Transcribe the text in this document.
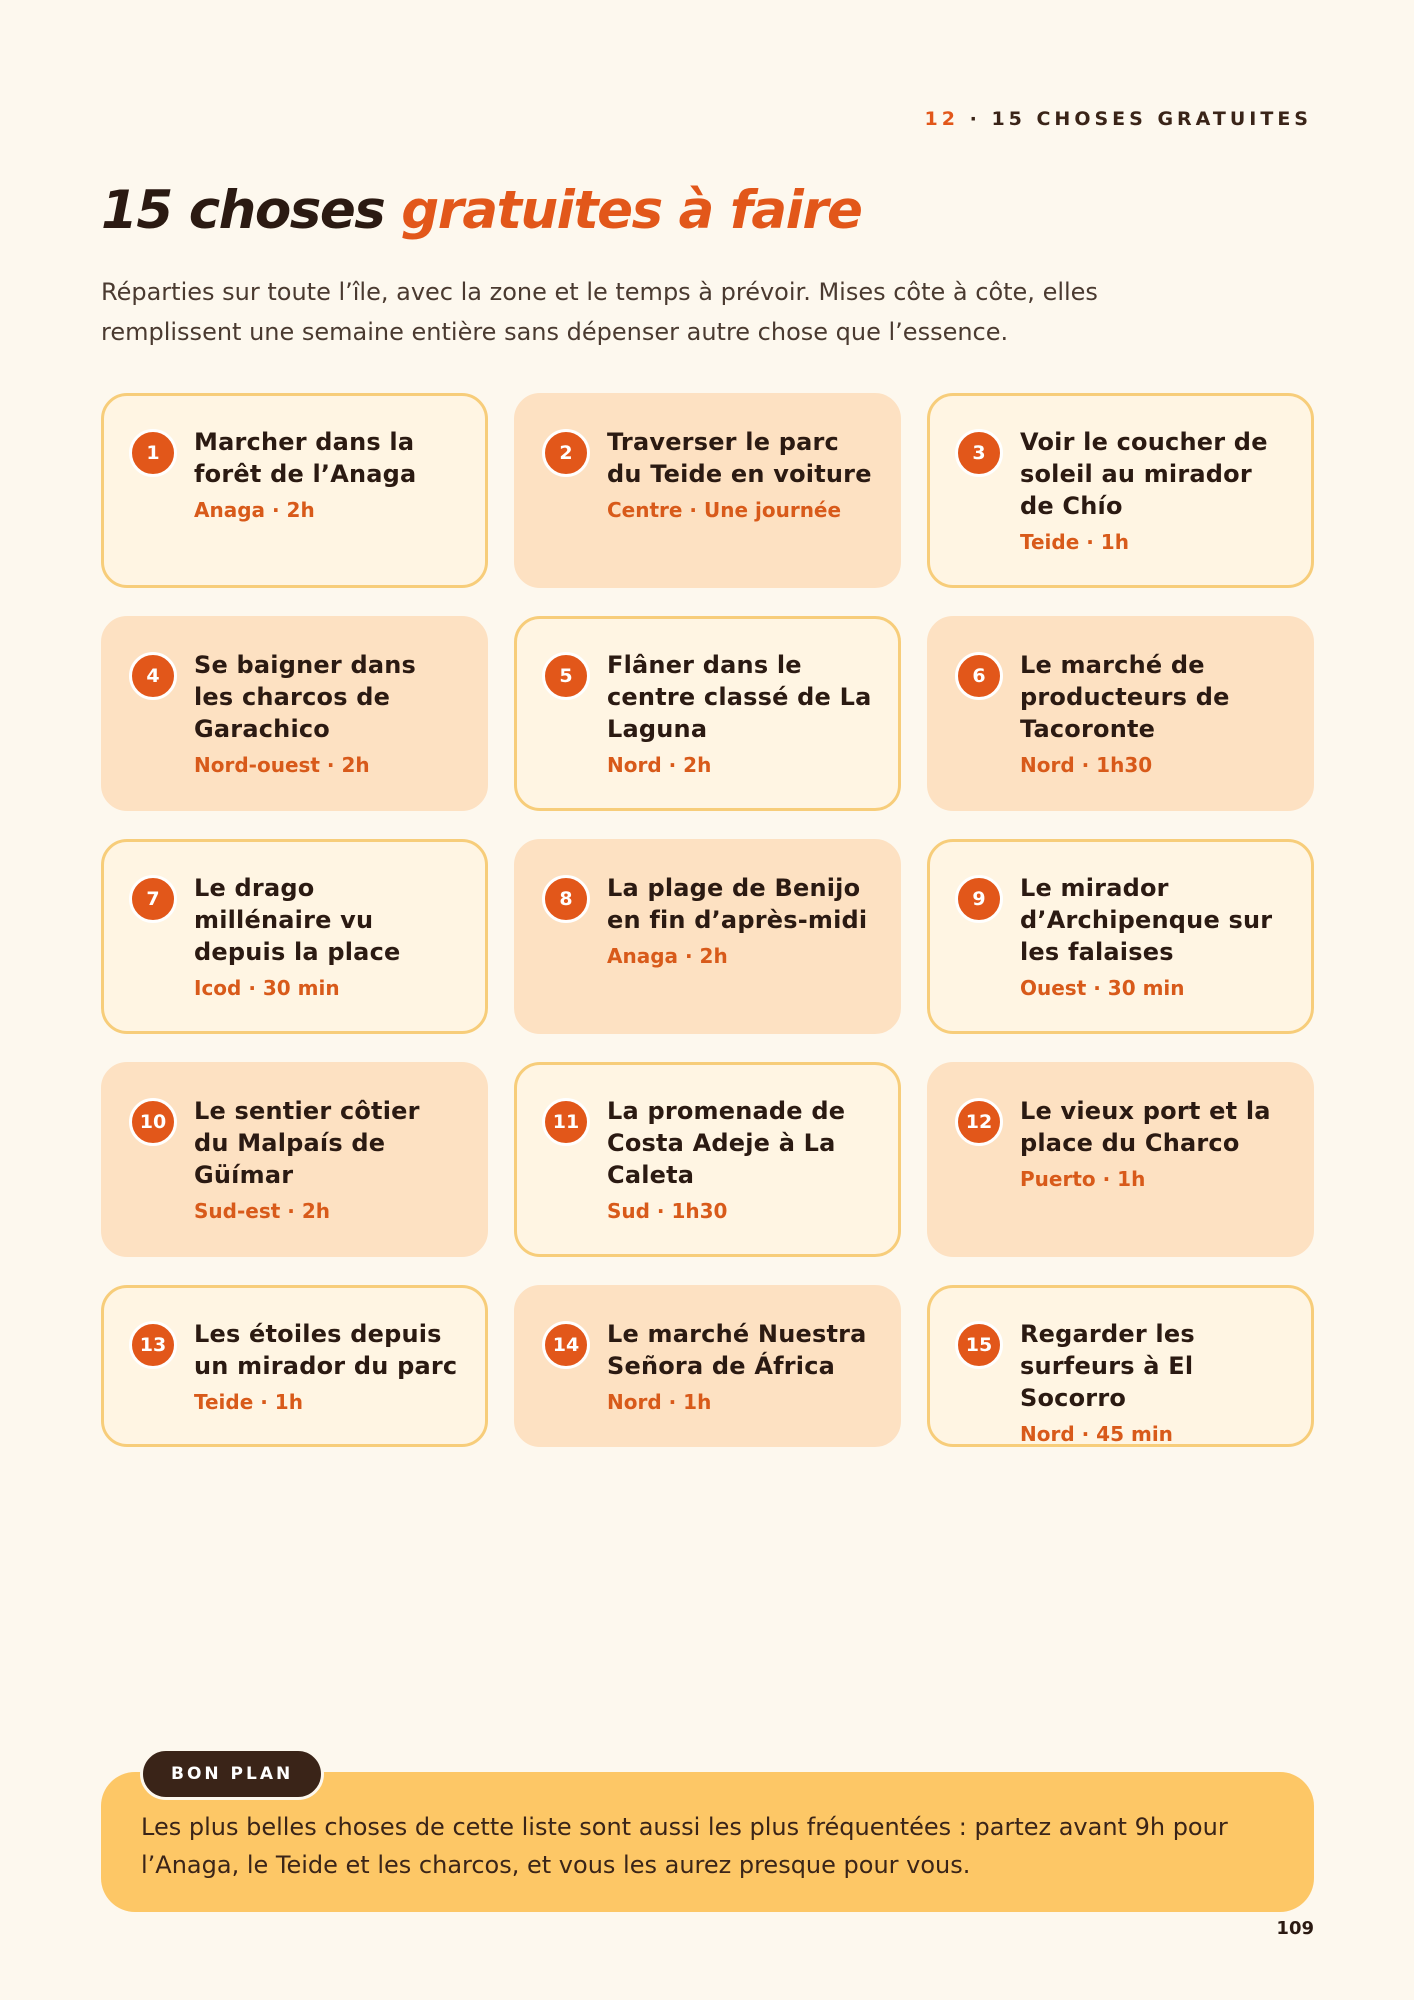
12 · 15 CHOSES GRATUITES
15 choses gratuites à faire

Réparties sur toute l’île, avec la zone et le temps à prévoir. Mises côte à côte, elles remplissent une semaine entière sans dépenser autre chose que l’essence.

1	Marcher dans la forêt de l’Anaga
Anaga · 2h
2	Traverser le parc du Teide en voiture
Centre · Une journée
3	Voir le coucher de soleil au mirador de Chío
Teide · 1h
4	Se baigner dans les charcos de Garachico
Nord-ouest · 2h
5	Flâner dans le centre classé de La Laguna
Nord · 2h
6	Le marché de producteurs de Tacoronte
Nord · 1h30
7	Le drago millénaire vu depuis la place
Icod · 30 min
8	La plage de Benijo en fin d’après-midi
Anaga · 2h
9	Le mirador d’Archipenque sur les falaises
Ouest · 30 min
10	Le sentier côtier du Malpaís de Güímar
Sud-est · 2h
11	La promenade de Costa Adeje à La Caleta
Sud · 1h30
12	Le vieux port et la place du Charco
Puerto · 1h
13	Les étoiles depuis un mirador du parc
Teide · 1h
14	Le marché Nuestra Señora de África
Nord · 1h
15	Regarder les surfeurs à El Socorro
Nord · 45 min
BON PLAN
Les plus belles choses de cette liste sont aussi les plus fréquentées : partez avant 9h pour l’Anaga, le Teide et les charcos, et vous les aurez presque pour vous.
109
